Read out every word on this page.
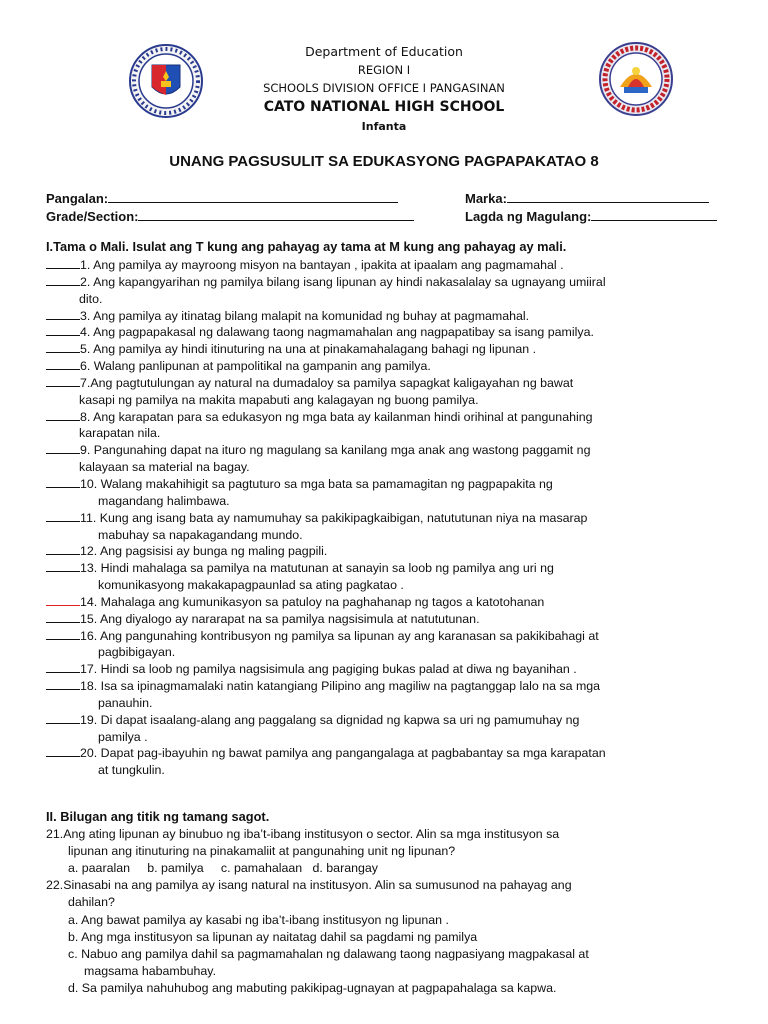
Department of Education
REGION I
SCHOOLS DIVISION OFFICE I PANGASINAN
CATO NATIONAL HIGH SCHOOL
Infanta
UNANG PAGSUSULIT SA EDUKASYONG PAGPAPAKATAO 8
Pangalan:
Grade/Section:
Marka:
Lagda ng Magulang:
I.Tama o Mali. Isulat ang T kung ang pahayag ay tama at M kung ang pahayag ay mali.
1. Ang pamilya ay mayroong misyon na bantayan , ipakita at ipaalam ang pagmamahal .
2. Ang kapangyarihan ng pamilya bilang isang lipunan ay hindi nakasalalay sa ugnayang umiiral
dito.
3. Ang pamilya ay itinatag bilang malapit na komunidad ng buhay at pagmamahal.
4. Ang pagpapakasal ng dalawang taong nagmamahalan ang nagpapatibay sa isang pamilya.
5. Ang pamilya ay hindi itinuturing na una at pinakamahalagang bahagi ng lipunan .
6. Walang panlipunan at pampolitikal na gampanin ang pamilya.
7.Ang pagtutulungan ay natural na dumadaloy sa pamilya sapagkat kaligayahan ng bawat
kasapi ng pamilya na makita mapabuti ang kalagayan ng buong pamilya.
8. Ang karapatan para sa edukasyon ng mga bata ay kailanman hindi orihinal at pangunahing
karapatan nila.
9. Pangunahing dapat na ituro ng magulang sa kanilang mga anak ang wastong paggamit ng
kalayaan sa material na bagay.
10. Walang makahihigit sa pagtuturo sa mga bata sa pamamagitan ng pagpapakita ng
magandang halimbawa.
11. Kung ang isang bata ay namumuhay sa pakikipagkaibigan, natututunan niya na masarap
mabuhay sa napakagandang mundo.
12. Ang pagsisisi ay bunga ng maling pagpili.
13. Hindi mahalaga sa pamilya na matutunan at sanayin sa loob ng pamilya ang uri ng
komunikasyong makakapagpaunlad sa ating pagkatao .
14. Mahalaga ang kumunikasyon sa patuloy na paghahanap ng tagos a katotohanan
15. Ang diyalogo ay nararapat na sa pamilya nagsisimula at natututunan.
16. Ang pangunahing kontribusyon ng pamilya sa lipunan ay ang karanasan sa pakikibahagi at
pagbibigayan.
17. Hindi sa loob ng pamilya nagsisimula ang pagiging bukas palad at diwa ng bayanihan .
18. Isa sa ipinagmamalaki natin katangiang Pilipino ang magiliw na pagtanggap lalo na sa mga
panauhin.
19. Di dapat isaalang-alang ang paggalang sa dignidad ng kapwa sa uri ng pamumuhay ng
pamilya .
20. Dapat pag-ibayuhin ng bawat pamilya ang pangangalaga at pagbabantay sa mga karapatan
at tungkulin.
II. Bilugan ang titik ng tamang sagot.
21.Ang ating lipunan ay binubuo ng iba’t-ibang institusyon o sector. Alin sa mga institusyon sa
lipunan ang itinuturing na pinakamaliit at pangunahing unit ng lipunan?
a. paaralan     b. pamilya     c. pamahalaan   d. barangay
22.Sinasabi na ang pamilya ay isang natural na institusyon. Alin sa sumusunod na pahayag ang
dahilan?
a. Ang bawat pamilya ay kasabi ng iba’t-ibang institusyon ng lipunan .
b. Ang mga institusyon sa lipunan ay naitatag dahil sa pagdami ng pamilya
c. Nabuo ang pamilya dahil sa pagmamahalan ng dalawang taong nagpasiyang magpakasal at
magsama habambuhay.
d. Sa pamilya nahuhubog ang mabuting pakikipag-ugnayan at pagpapahalaga sa kapwa.
